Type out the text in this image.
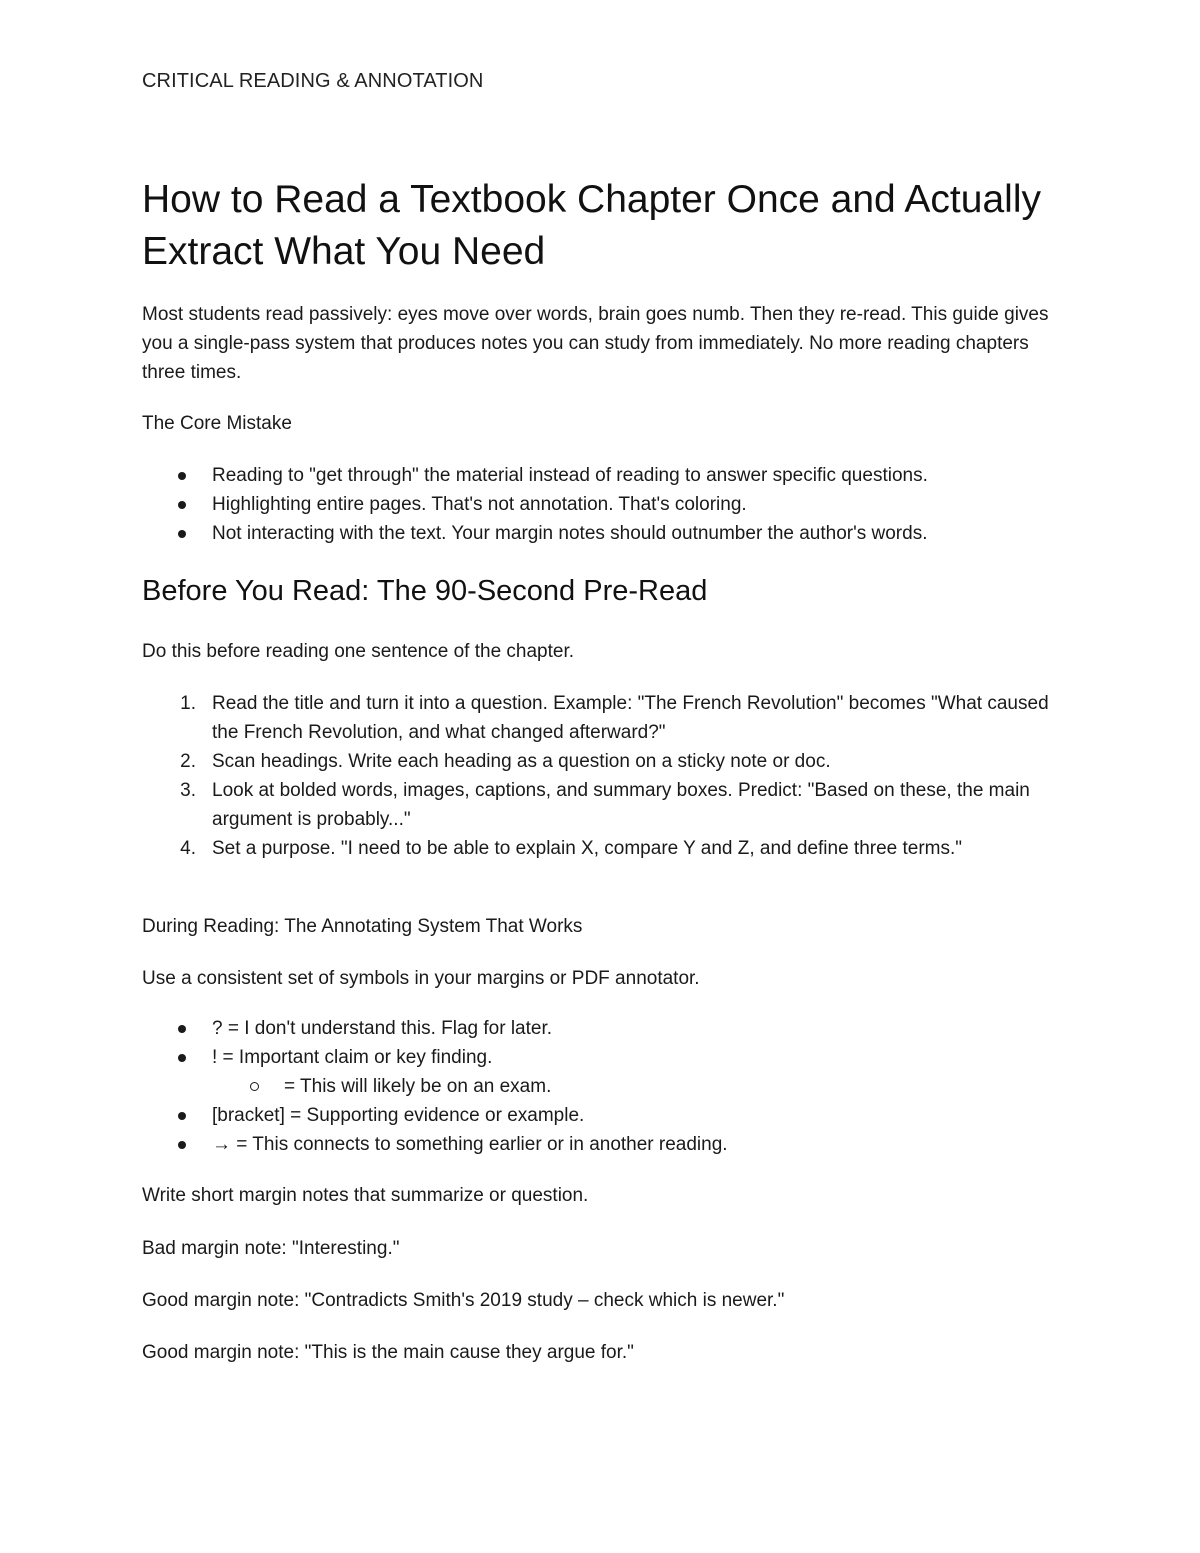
CRITICAL READING & ANNOTATION
How to Read a Textbook Chapter Once and Actually Extract What You Need

Most students read passively: eyes move over words, brain goes numb. Then they re-read. This guide gives you a single-pass system that produces notes you can study from immediately. No more reading chapters three times.

The Core Mistake

Reading to "get through" the material instead of reading to answer specific questions.
Highlighting entire pages. That's not annotation. That's coloring.
Not interacting with the text. Your margin notes should outnumber the author's words.
Before You Read: The 90-Second Pre-Read

Do this before reading one sentence of the chapter.

1. Read the title and turn it into a question. Example: "The French Revolution" becomes "What caused the French Revolution, and what changed afterward?"
2. Scan headings. Write each heading as a question on a sticky note or doc.
3. Look at bolded words, images, captions, and summary boxes. Predict: "Based on these, the main argument is probably..."
4. Set a purpose. "I need to be able to explain X, compare Y and Z, and define three terms."

During Reading: The Annotating System That Works

Use a consistent set of symbols in your margins or PDF annotator.

? = I don't understand this. Flag for later.
! = Important claim or key finding.
= This will likely be on an exam.
[bracket] = Supporting evidence or example.
→ = This connects to something earlier or in another reading.

Write short margin notes that summarize or question.

Bad margin note: "Interesting."

Good margin note: "Contradicts Smith's 2019 study – check which is newer."

Good margin note: "This is the main cause they argue for."
